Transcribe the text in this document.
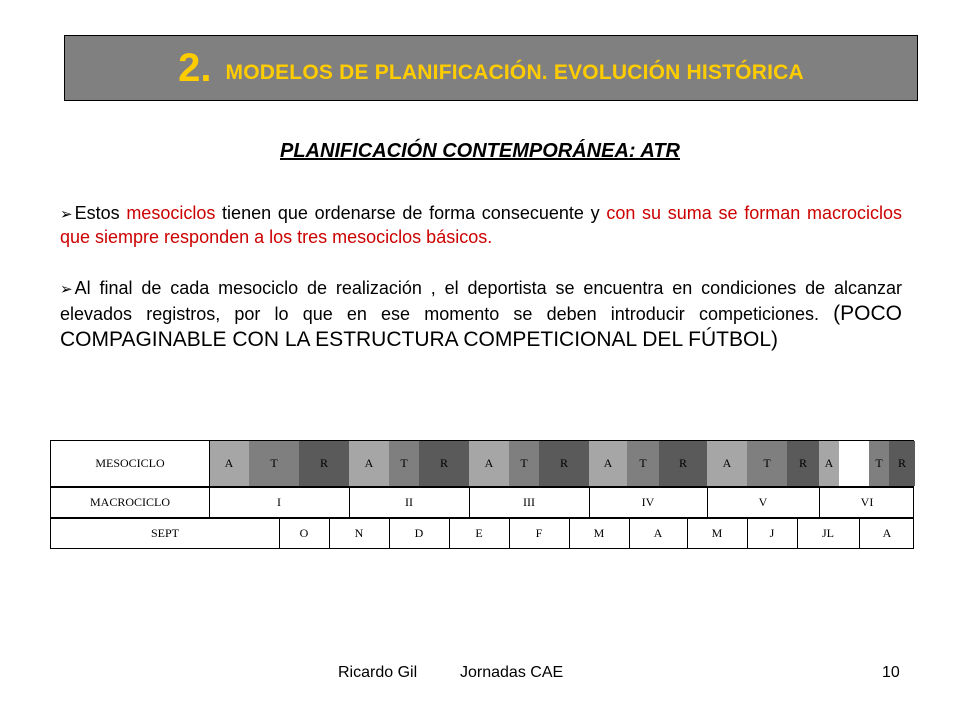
2. MODELOS DE PLANIFICACIÓN. EVOLUCIÓN HISTÓRICA
PLANIFICACIÓN CONTEMPORÁNEA: ATR
➢ Estos mesociclos tienen que ordenarse de forma consecuente y con su suma se forman macrociclos que siempre responden a los tres mesociclos básicos.
➢ Al final de cada mesociclo de realización , el deportista se encuentra en condiciones de alcanzar elevados registros, por lo que en ese momento se deben introducir competiciones. (POCO COMPAGINABLE CON LA ESTRUCTURA COMPETICIONAL DEL FÚTBOL)
MESOCICLO	A	T	R	A	T	R	A	T	R	A	T	R	A	T	R	A	T	R
MACROCICLO	I	II	III	IV	V	VI
SEPT	O	N	D	E	F	M	A	M	J	JL	A
Ricardo Gil	Jornadas CAE	10
